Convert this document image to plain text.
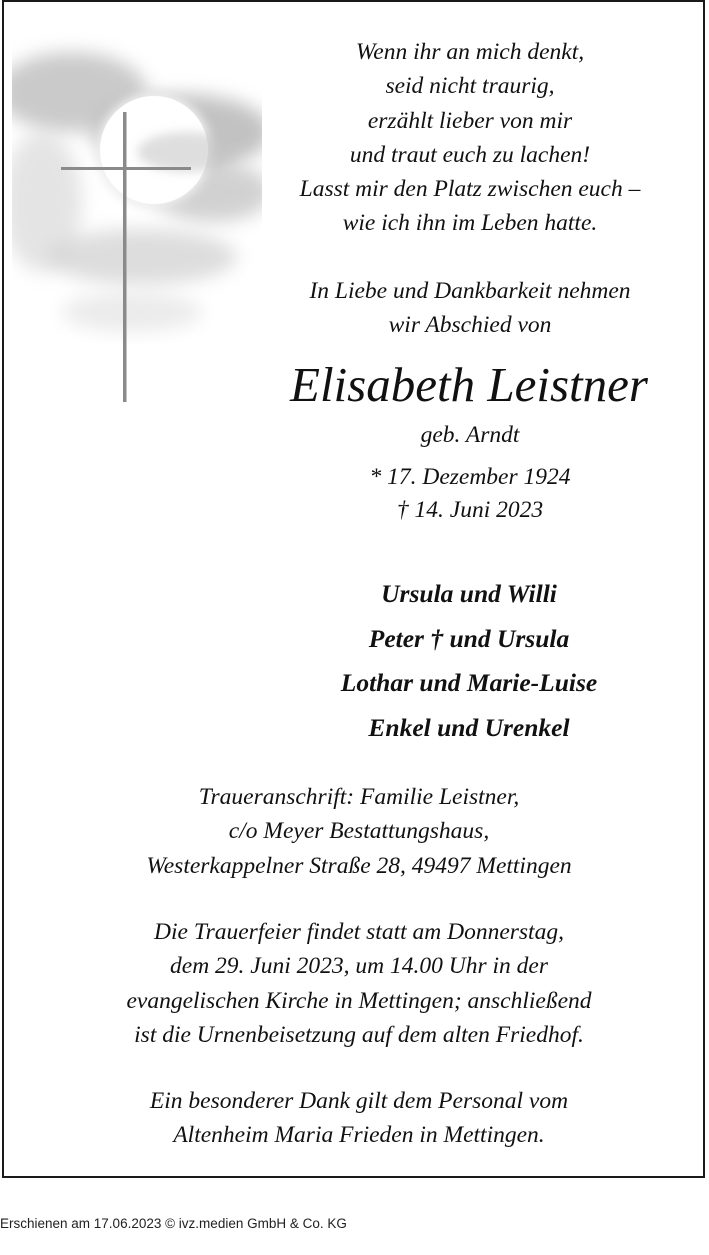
Wenn ihr an mich denkt,
seid nicht traurig,
erzählt lieber von mir
und traut euch zu lachen!
Lasst mir den Platz zwischen euch –
wie ich ihn im Leben hatte.
In Liebe und Dankbarkeit nehmen
wir Abschied von
Elisabeth Leistner
geb. Arndt
* 17. Dezember 1924
† 14. Juni 2023
Ursula und Willi
Peter † und Ursula
Lothar und Marie-Luise
Enkel und Urenkel
Traueranschrift: Familie Leistner,
c/o Meyer Bestattungshaus,
Westerkappelner Straße 28, 49497 Mettingen
Die Trauerfeier findet statt am Donnerstag,
dem 29. Juni 2023, um 14.00 Uhr in der
evangelischen Kirche in Mettingen; anschließend
ist die Urnenbeisetzung auf dem alten Friedhof.
Ein besonderer Dank gilt dem Personal vom
Altenheim Maria Frieden in Mettingen.
Erschienen am 17.06.2023 © ivz.medien GmbH & Co. KG
